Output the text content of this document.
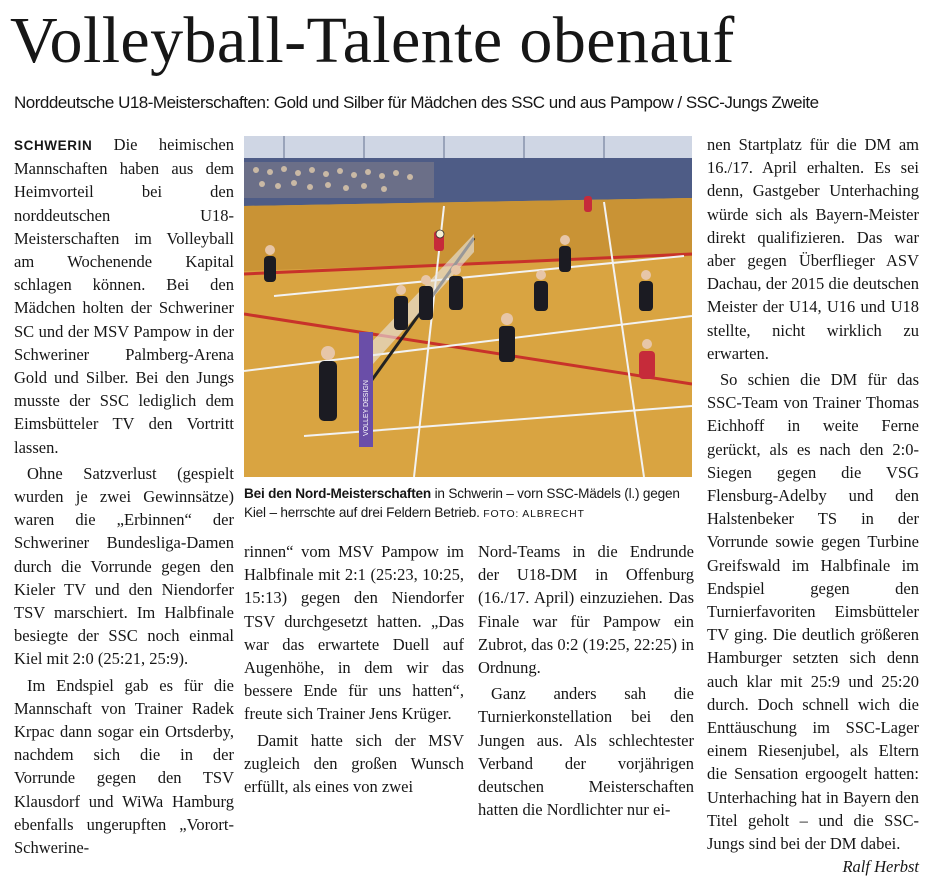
Volleyball-Talente obenauf

Norddeutsche U18-Meisterschaften: Gold und Silber für Mädchen des SSC und aus Pampow / SSC-Jungs Zweite

SCHWERIN Die heimischen Mannschaften haben aus dem Heimvorteil bei den norddeutschen U18-Meisterschaften im Volleyball am Wochenende Kapital schlagen können. Bei den Mädchen holten der Schweriner SC und der MSV Pampow in der Schweriner Palmberg-Arena Gold und Silber. Bei den Jungs musste der SSC lediglich dem Eimsbütteler TV den Vortritt lassen.

Ohne Satzverlust (gespielt wurden je zwei Gewinnsätze) waren die „Erbinnen“ der Schweriner Bundesliga-Damen durch die Vorrunde gegen den Kieler TV und den Niendorfer TSV marschiert. Im Halbfinale besiegte der SSC noch einmal Kiel mit 2:0 (25:21, 25:9).

Im Endspiel gab es für die Mannschaft von Trainer Radek Krpac dann sogar ein Ortsderby, nachdem sich die in der Vorrunde gegen den TSV Klausdorf und WiWa Hamburg ebenfalls ungerupften „Vorort-Schwerine-

VOLLEY DESIGN
Bei den Nord-Meisterschaften in Schwerin – vorn SSC-Mädels (l.) gegen Kiel – herrschte auf drei Feldern Betrieb. FOTO: ALBRECHT

rinnen“ vom MSV Pampow im Halbfinale mit 2:1 (25:23, 10:25, 15:13) gegen den Niendorfer TSV durchgesetzt hatten. „Das war das erwartete Duell auf Augenhöhe, in dem wir das bessere Ende für uns hatten“, freute sich Trainer Jens Krüger.

Damit hatte sich der MSV zugleich den großen Wunsch erfüllt, als eines von zwei

Nord-Teams in die Endrunde der U18-DM in Offenburg (16./17. April) einzuziehen. Das Finale war für Pampow ein Zubrot, das 0:2 (19:25, 22:25) in Ordnung.

Ganz anders sah die Turnierkonstellation bei den Jungen aus. Als schlechtester Verband der vorjährigen deutschen Meisterschaften hatten die Nordlichter nur ei-

nen Startplatz für die DM am 16./17. April erhalten. Es sei denn, Gastgeber Unterhaching würde sich als Bayern-Meister direkt qualifizieren. Das war aber gegen Überflieger ASV Dachau, der 2015 die deutschen Meister der U14, U16 und U18 stellte, nicht wirklich zu erwarten.

So schien die DM für das SSC-Team von Trainer Thomas Eichhoff in weite Ferne gerückt, als es nach den 2:0-Siegen gegen die VSG Flensburg-Adelby und den Halstenbeker TS in der Vorrunde sowie gegen Turbine Greifswald im Halbfinale im Endspiel gegen den Turnierfavoriten Eimsbütteler TV ging. Die deutlich größeren Hamburger setzten sich denn auch klar mit 25:9 und 25:20 durch. Doch schnell wich die Enttäuschung im SSC-Lager einem Riesenjubel, als Eltern die Sensation ergoogelt hatten: Unterhaching hat in Bayern den Titel geholt – und die SSC-Jungs sind bei der DM dabei.
Ralf Herbst
